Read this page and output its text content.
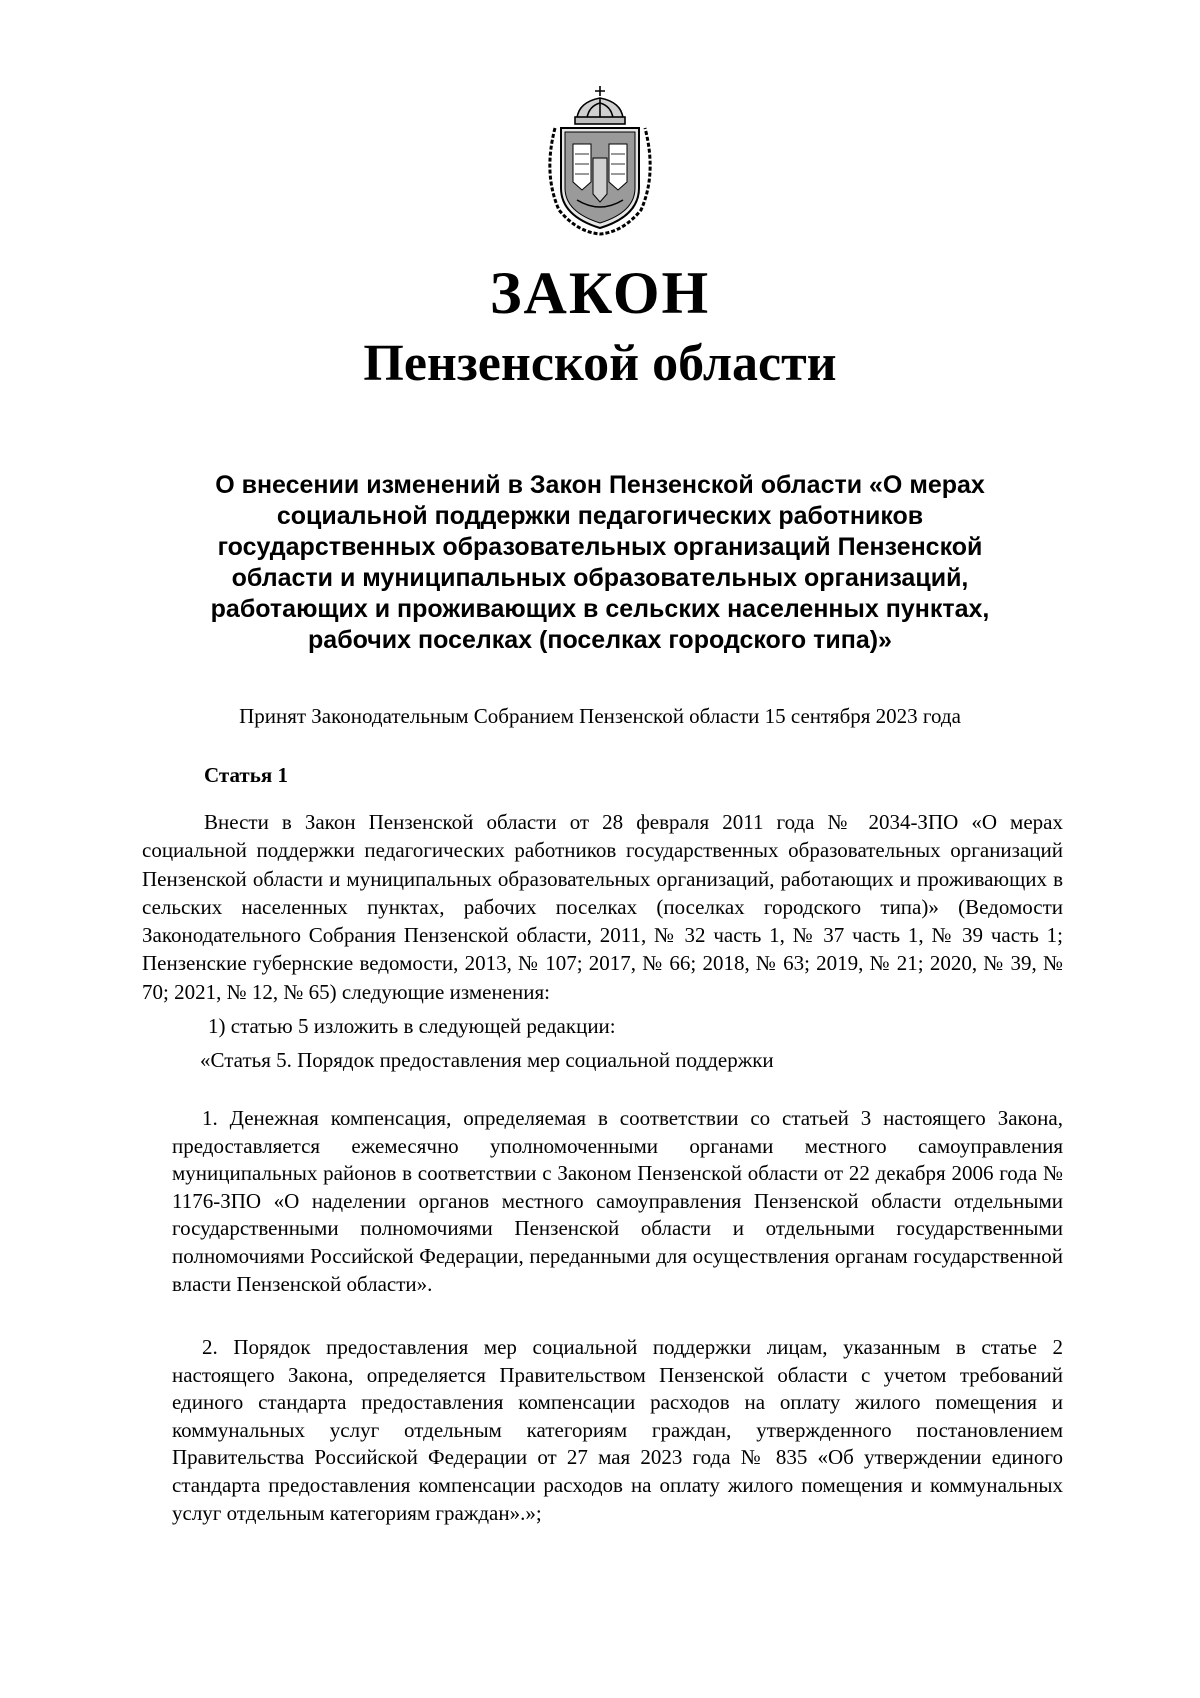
ЗАКОН
Пензенской области
О внесении изменений в Закон Пензенской области «О мерах
социальной поддержки педагогических работников
государственных образовательных организаций Пензенской
области и муниципальных образовательных организаций,
работающих и проживающих в сельских населенных пунктах,
рабочих поселках (поселках городского типа)»
Принят Законодательным Собранием Пензенской области 15 сентября 2023 года
Статья 1

Внести в Закон Пензенской области от 28 февраля 2011 года № 2034-ЗПО «О мерах социальной поддержки педагогических работников государственных образовательных организаций Пензенской области и муниципальных образовательных организаций, работающих и проживающих в сельских населенных пунктах, рабочих поселках (поселках городского типа)» (Ведомости Законодательного Собрания Пензенской области, 2011, № 32 часть 1, № 37 часть 1, № 39 часть 1; Пензенские губернские ведомости, 2013, № 107; 2017, № 66; 2018, № 63; 2019, № 21; 2020, № 39, № 70; 2021, № 12, № 65) следующие изменения:

1) статью 5 изложить в следующей редакции:

«Статья 5. Порядок предоставления мер социальной поддержки

1. Денежная компенсация, определяемая в соответствии со статьей 3 настоящего Закона, предоставляется ежемесячно уполномоченными органами местного самоуправления муниципальных районов в соответствии с Законом Пензенской области от 22 декабря 2006 года № 1176-ЗПО «О наделении органов местного самоуправления Пензенской области отдельными государственными полномочиями Пензенской области и отдельными государственными полномочиями Российской Федерации, переданными для осуществления органам государственной власти Пензенской области».

2. Порядок предоставления мер социальной поддержки лицам, указанным в статье 2 настоящего Закона, определяется Правительством Пензенской области с учетом требований единого стандарта предоставления компенсации расходов на оплату жилого помещения и коммунальных услуг отдельным категориям граждан, утвержденного постановлением Правительства Российской Федерации от 27 мая 2023 года № 835 «Об утверждении единого стандарта предоставления компенсации расходов на оплату жилого помещения и коммунальных услуг отдельным категориям граждан».»;
